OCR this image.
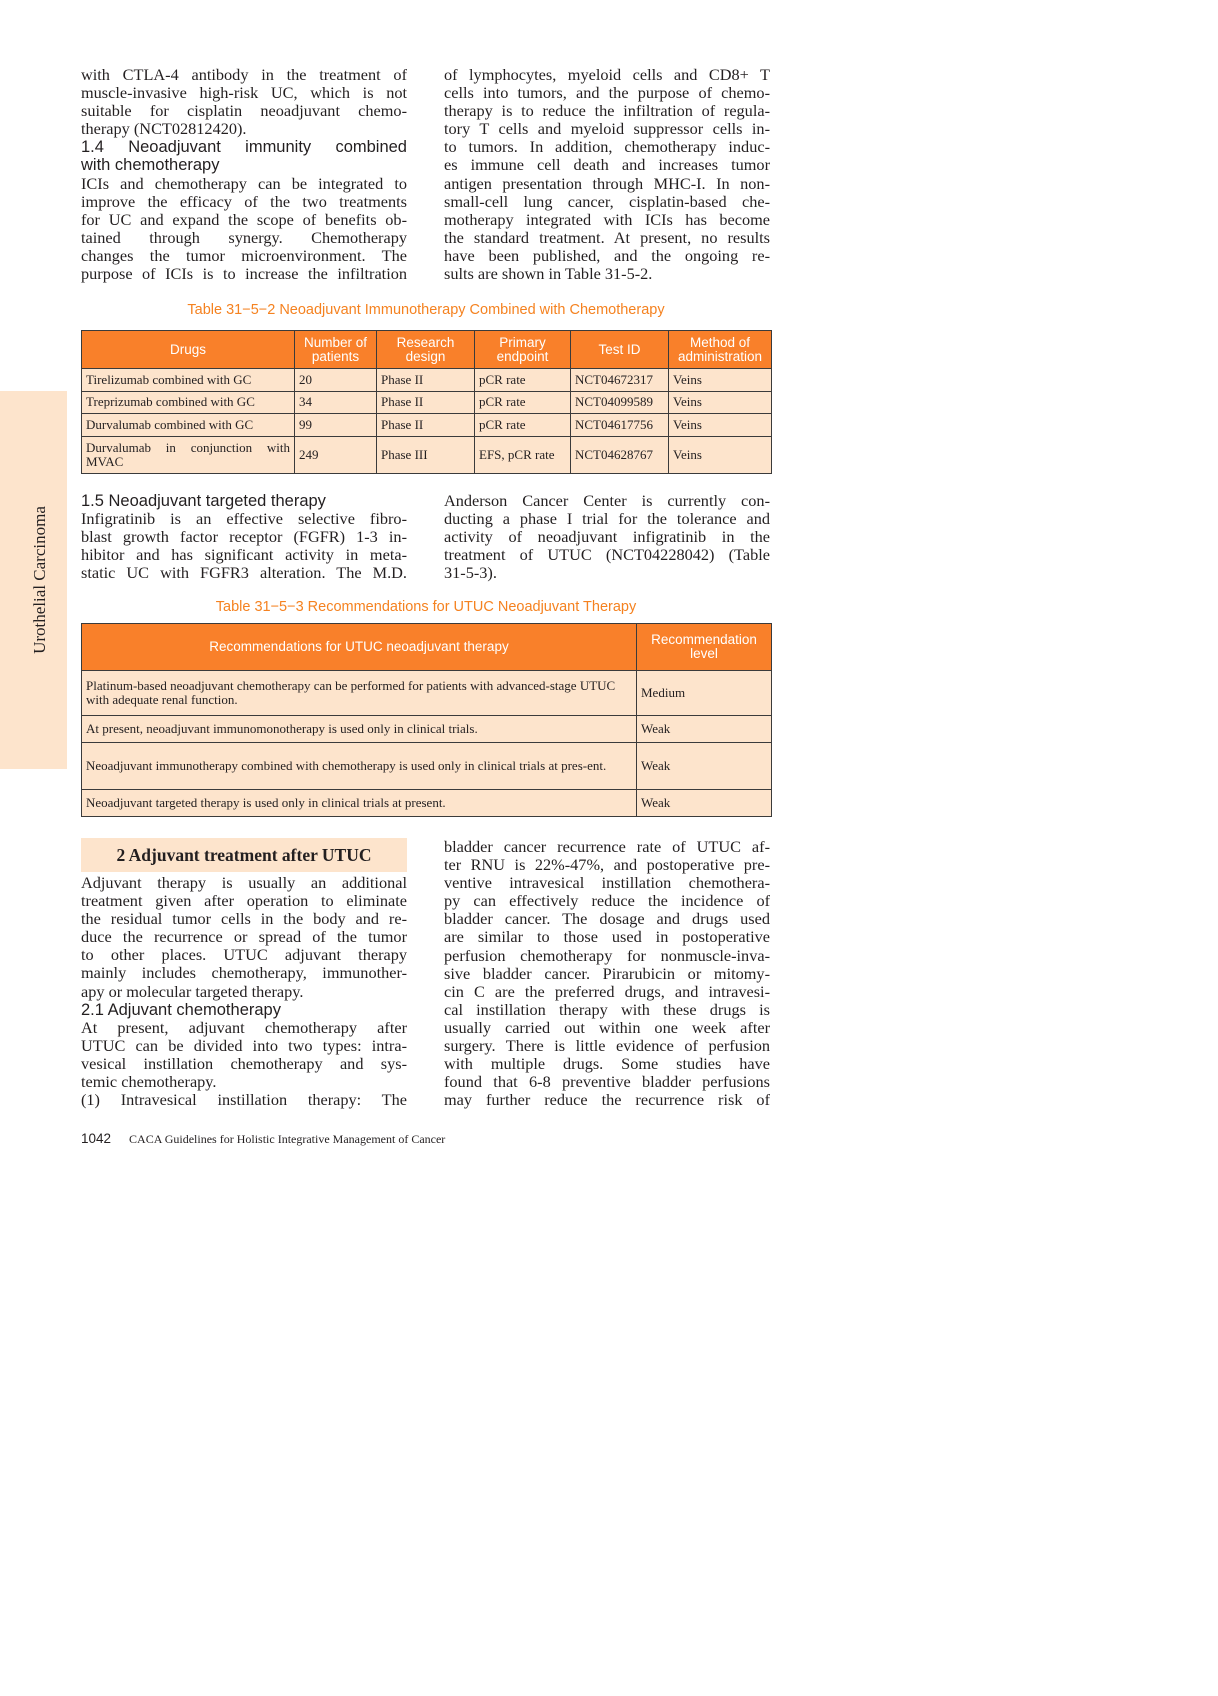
Urothelial Carcinoma
with CTLA-4 antibody in the treatment of
muscle-invasive high-risk UC, which is not
suitable for cisplatin neoadjuvant chemo-
therapy (NCT02812420).
1.4 Neoadjuvant immunity combined
with chemotherapy
ICIs and chemotherapy can be integrated to
improve the efficacy of the two treatments
for UC and expand the scope of benefits ob-
tained through synergy. Chemotherapy
changes the tumor microenvironment. The
purpose of ICIs is to increase the infiltration
of lymphocytes, myeloid cells and CD8+ T
cells into tumors, and the purpose of chemo-
therapy is to reduce the infiltration of regula-
tory T cells and myeloid suppressor cells in-
to tumors. In addition, chemotherapy induc-
es immune cell death and increases tumor
antigen presentation through MHC-I. In non-
small-cell lung cancer, cisplatin-based che-
motherapy integrated with ICIs has become
the standard treatment. At present, no results
have been published, and the ongoing re-
sults are shown in Table 31-5-2.
Table 31−5−2 Neoadjuvant Immunotherapy Combined with Chemotherapy
Drugs	Number of patients	Research design	Primary endpoint	Test ID	Method of administration
Tirelizumab combined with GC	20	Phase II	pCR rate	NCT04672317	Veins
Treprizumab combined with GC	34	Phase II	pCR rate	NCT04099589	Veins
Durvalumab combined with GC	99	Phase II	pCR rate	NCT04617756	Veins
Durvalumab in conjunction with MVAC	249	Phase III	EFS, pCR rate	NCT04628767	Veins
1.5 Neoadjuvant targeted therapy
Infigratinib is an effective selective fibro-
blast growth factor receptor (FGFR) 1-3 in-
hibitor and has significant activity in meta-
static UC with FGFR3 alteration. The M.D.
Anderson Cancer Center is currently con-
ducting a phase I trial for the tolerance and
activity of neoadjuvant infigratinib in the
treatment of UTUC (NCT04228042) (Table
31-5-3).
Table 31−5−3 Recommendations for UTUC Neoadjuvant Therapy
Recommendations for UTUC neoadjuvant therapy	Recommendation level
Platinum-based neoadjuvant chemotherapy can be performed for patients with advanced-stage UTUC with adequate renal function.	Medium
At present, neoadjuvant immunomonotherapy is used only in clinical trials.	Weak
Neoadjuvant immunotherapy combined with chemotherapy is used only in clinical trials at pres-ent.	Weak
Neoadjuvant targeted therapy is used only in clinical trials at present.	Weak
2 Adjuvant treatment after UTUC
Adjuvant therapy is usually an additional
treatment given after operation to eliminate
the residual tumor cells in the body and re-
duce the recurrence or spread of the tumor
to other places. UTUC adjuvant therapy
mainly includes chemotherapy, immunother-
apy or molecular targeted therapy.
2.1 Adjuvant chemotherapy
At present, adjuvant chemotherapy after
UTUC can be divided into two types: intra-
vesical instillation chemotherapy and sys-
temic chemotherapy.
(1) Intravesical instillation therapy: The
bladder cancer recurrence rate of UTUC af-
ter RNU is 22%-47%, and postoperative pre-
ventive intravesical instillation chemothera-
py can effectively reduce the incidence of
bladder cancer. The dosage and drugs used
are similar to those used in postoperative
perfusion chemotherapy for nonmuscle-inva-
sive bladder cancer. Pirarubicin or mitomy-
cin C are the preferred drugs, and intravesi-
cal instillation therapy with these drugs is
usually carried out within one week after
surgery. There is little evidence of perfusion
with multiple drugs. Some studies have
found that 6-8 preventive bladder perfusions
may further reduce the recurrence risk of
1042 CACA Guidelines for Holistic Integrative Management of Cancer
